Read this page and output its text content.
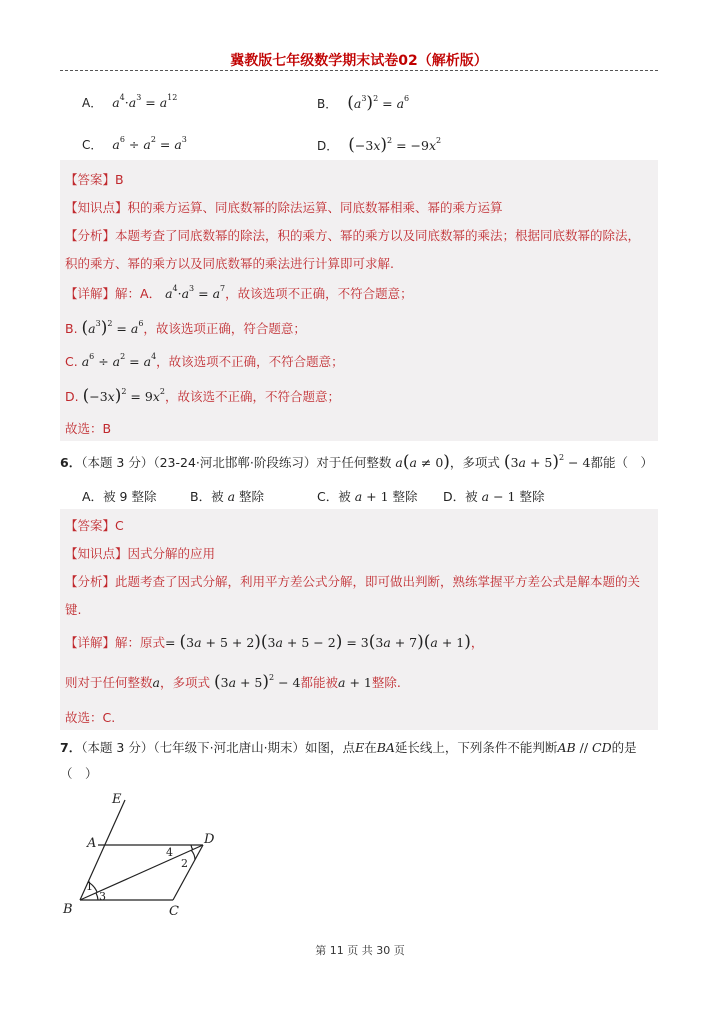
冀教版七年级数学期末试卷02（解析版）
A． $a^4\cdot a^3 = a^{12}$	B． $(a^3)^2 = a^6$
C． $a^6 \div a^2 = a^3$	D． $(-3x)^2 = -9x^2$
【答案】B
【知识点】积的乘方运算、同底数幂的除法运算、同底数幂相乘、幂的乘方运算
【分析】本题考查了同底数幂的除法，积的乘方、幂的乘方以及同底数幂的乘法；根据同底数幂的除法，
积的乘方、幂的乘方以及同底数幂的乘法进行计算即可求解.
【详解】解：A． $a^4\cdot a^3 = a^7$，故该选项不正确，不符合题意；
B. $(a^3)^2 = a^6$，故该选项正确，符合题意；
C. $a^6 \div a^2 = a^4$，故该选项不正确，不符合题意；
D. $(-3x)^2 = 9x^2$，故该选不正确，不符合题意；
故选：B
6．（本题 3 分）（23-24·河北邯郸·阶段练习）对于任何整数 a(a ≠ 0)，多项式 $(3a + 5)^2 - 4$都能（　）
A．被 9 整除	B．被 a 整除	C．被 a + 1 整除 D．被 a − 1 整除
【答案】C
【知识点】因式分解的应用
【分析】此题考查了因式分解，利用平方差公式分解，即可做出判断，熟练掌握平方差公式是解本题的关
键.
【详解】解：原式= (3a + 5 + 2)(3a + 5 − 2) = 3(3a + 7)(a + 1)，
则对于任何整数a，多项式 $(3a + 5)^2 - 4$都能被a + 1整除.
故选：C.
7．（本题 3 分）（七年级下·河北唐山·期末）如图，点E在BA延长线上，下列条件不能判断AB // CD的是
（　）
E
A	D
B	C
1
2
3
4
第 11 页 共 30 页
